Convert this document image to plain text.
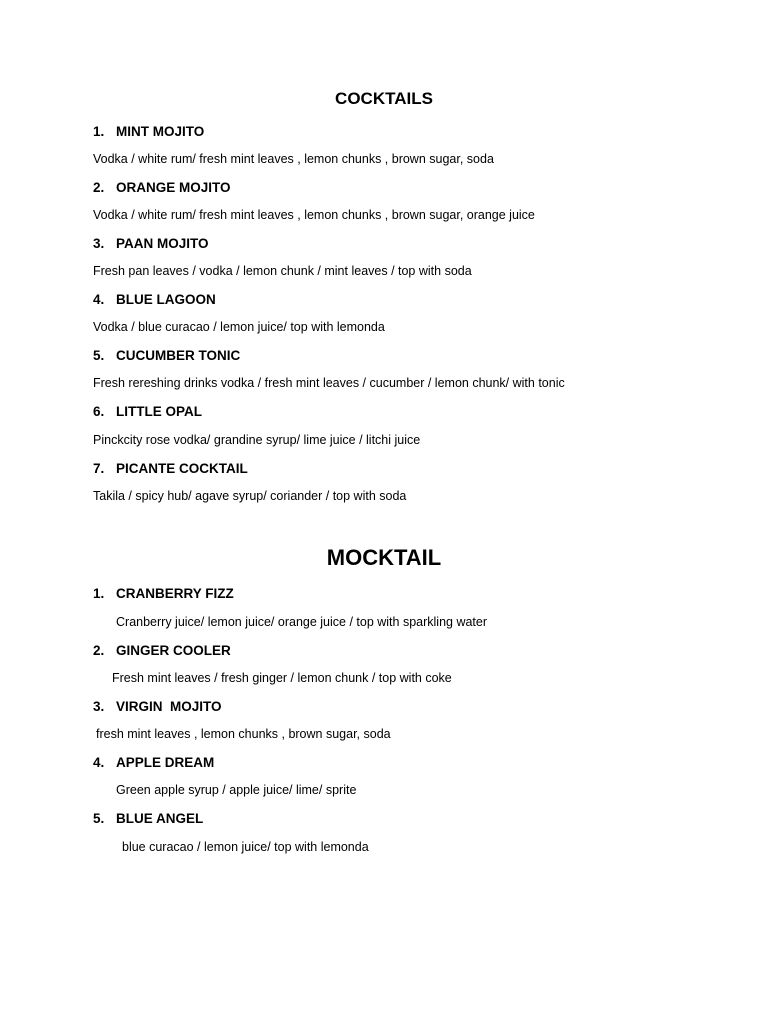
COCKTAILS
1. MINT MOJITO
Vodka / white rum/ fresh mint leaves , lemon chunks , brown sugar, soda
2. ORANGE MOJITO
Vodka / white rum/ fresh mint leaves , lemon chunks , brown sugar, orange juice
3. PAAN MOJITO
Fresh pan leaves / vodka / lemon chunk / mint leaves / top with soda
4. BLUE LAGOON
Vodka / blue curacao / lemon juice/ top with lemonda
5. CUCUMBER TONIC
Fresh rereshing drinks vodka / fresh mint leaves / cucumber / lemon chunk/ with tonic
6. LITTLE OPAL
Pinckcity rose vodka/ grandine syrup/ lime juice / litchi juice
7. PICANTE COCKTAIL
Takila / spicy hub/ agave syrup/ coriander / top with soda
MOCKTAIL
1. CRANBERRY FIZZ
Cranberry juice/ lemon juice/ orange juice / top with sparkling water
2. GINGER COOLER
Fresh mint leaves / fresh ginger / lemon chunk / top with coke
3. VIRGIN  MOJITO
fresh mint leaves , lemon chunks , brown sugar, soda
4. APPLE DREAM
Green apple syrup / apple juice/ lime/ sprite
5. BLUE ANGEL
blue curacao / lemon juice/ top with lemonda
